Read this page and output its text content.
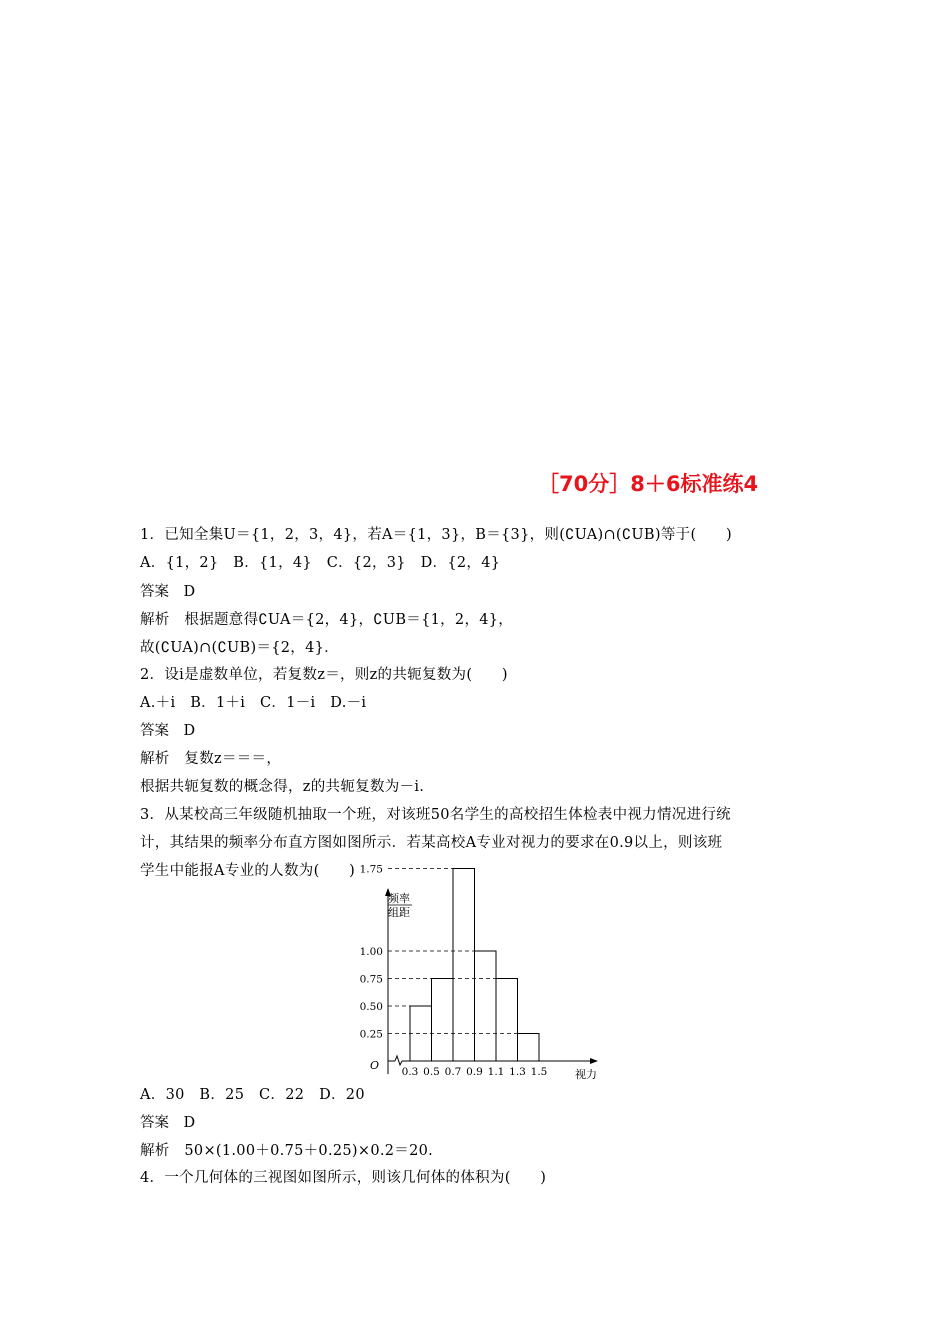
［70分］8＋6标准练4
1．已知全集U＝{1，2，3，4}，若A＝{1，3}，B＝{3}，则(∁UA)∩(∁UB)等于(　　)
A．{1，2}　B．{1，4}　C．{2，3}　D．{2，4}
答案　D
解析　根据题意得∁UA＝{2，4}，∁UB＝{1，2，4}，
故(∁UA)∩(∁UB)＝{2，4}．
2．设i是虚数单位，若复数z＝，则z的共轭复数为(　　)
A.＋i　B．1＋i　C．1－i　D.－i
答案　D
解析　复数z＝＝＝，
根据共轭复数的概念得，z的共轭复数为－i.
3．从某校高三年级随机抽取一个班，对该班50名学生的高校招生体检表中视力情况进行统
计，其结果的频率分布直方图如图所示．若某高校A专业对视力的要求在0.9以上，则该班
学生中能报A专业的人数为(　　)
频率
组距
O
视力
0.25
0.50
0.75
1.00
1.75
0.3 0.5 0.7 0.9 1.1 1.3 1.5
A．30　B．25　C．22　D．20
答案　D
解析　50×(1.00＋0.75＋0.25)×0.2＝20.
4．一个几何体的三视图如图所示，则该几何体的体积为(　　)
